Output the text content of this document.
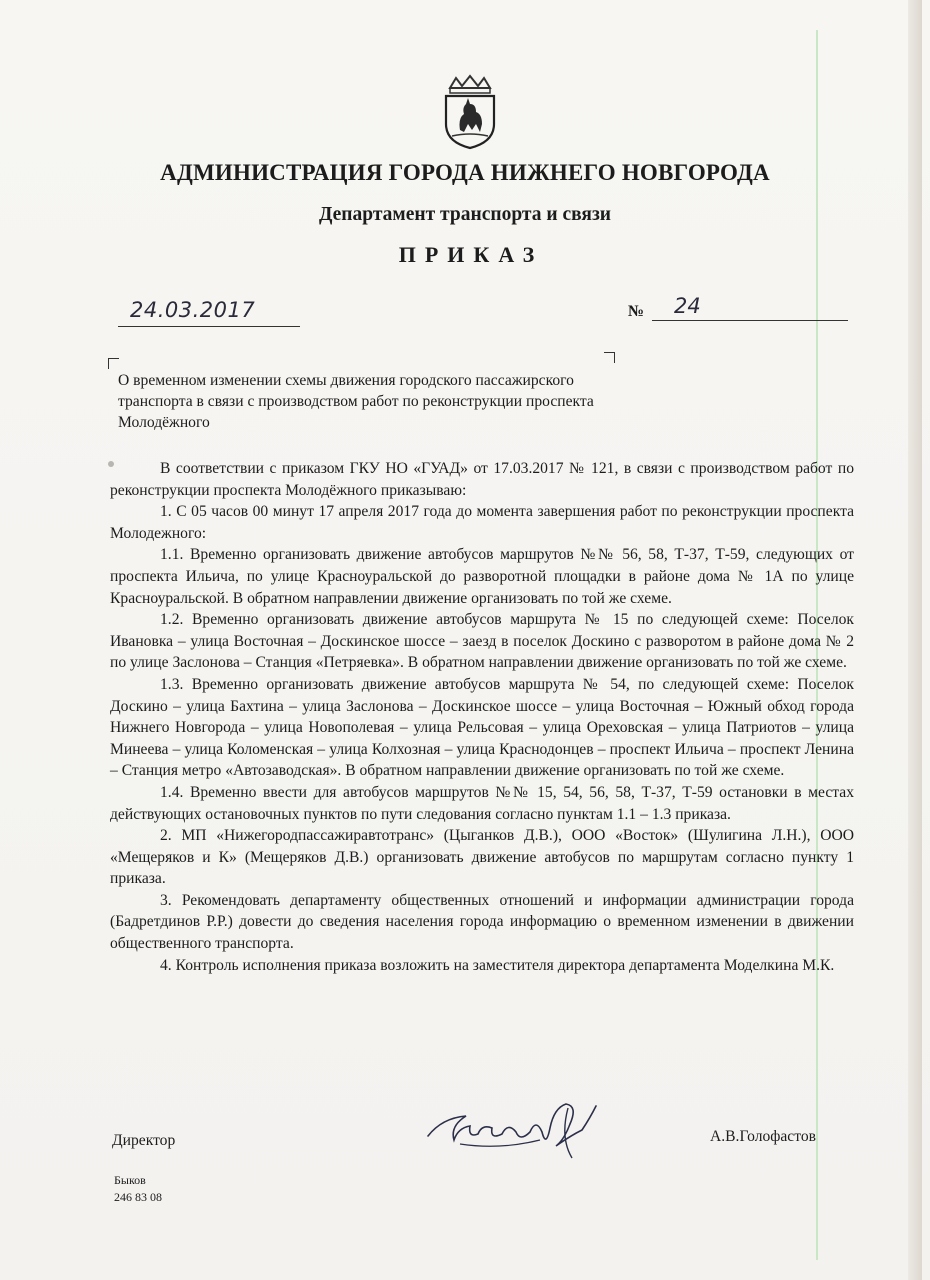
АДМИНИСТРАЦИЯ ГОРОДА НИЖНЕГО НОВГОРОДА
Департамент транспорта и связи
ПРИКАЗ
24.03.2017	№ 24

О временном изменении схемы движения городского пассажирского транспорта в связи с производством работ по реконструкции проспекта Молодёжного

В соответствии с приказом ГКУ НО «ГУАД» от 17.03.2017 № 121, в связи с производством работ по реконструкции проспекта Молодёжного приказываю:

1. С 05 часов 00 минут 17 апреля 2017 года до момента завершения работ по реконструкции проспекта Молодежного:

1.1. Временно организовать движение автобусов маршрутов №№ 56, 58, Т-37, Т-59, следующих от проспекта Ильича, по улице Красноуральской до разворотной площадки в районе дома № 1А по улице Красноуральской. В обратном направлении движение организовать по той же схеме.

1.2. Временно организовать движение автобусов маршрута № 15 по следующей схеме: Поселок Ивановка – улица Восточная – Доскинское шоссе – заезд в поселок Доскино с разворотом в районе дома № 2 по улице Заслонова – Станция «Петряевка». В обратном направлении движение организовать по той же схеме.

1.3. Временно организовать движение автобусов маршрута № 54, по следующей схеме: Поселок Доскино – улица Бахтина – улица Заслонова – Доскинское шоссе – улица Восточная – Южный обход города Нижнего Новгорода – улица Новополевая – улица Рельсовая – улица Ореховская – улица Патриотов – улица Минеева – улица Коломенская – улица Колхозная – улица Краснодонцев – проспект Ильича – проспект Ленина – Станция метро «Автозаводская». В обратном направлении движение организовать по той же схеме.

1.4. Временно ввести для автобусов маршрутов №№ 15, 54, 56, 58, Т-37, Т-59 остановки в местах действующих остановочных пунктов по пути следования согласно пунктам 1.1 – 1.3 приказа.

2. МП «Нижегородпассажиравтотранс» (Цыганков Д.В.), ООО «Восток» (Шулигина Л.Н.), ООО «Мещеряков и К» (Мещеряков Д.В.) организовать движение автобусов по маршрутам согласно пункту 1 приказа.

3. Рекомендовать департаменту общественных отношений и информации администрации города (Бадретдинов Р.Р.) довести до сведения населения города информацию о временном изменении в движении общественного транспорта.

4. Контроль исполнения приказа возложить на заместителя директора департамента Моделкина М.К.

Директор	А.В.Голофастов

Быков
246 83 08
